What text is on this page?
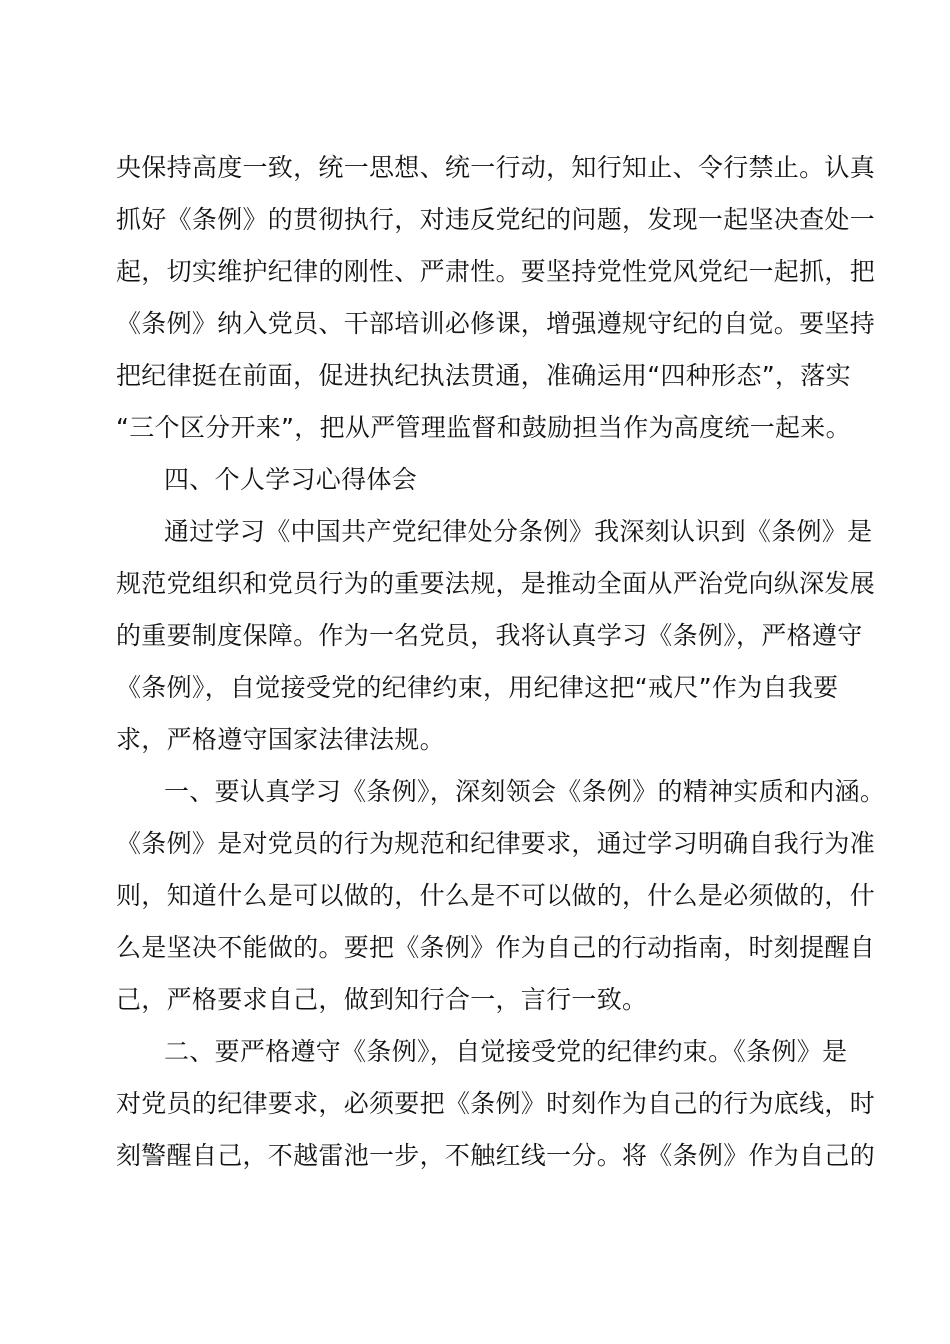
央保持高度一致，统一思想、统一行动，知行知止、令行禁止。认真
抓好《条例》的贯彻执行，对违反党纪的问题，发现一起坚决查处一
起，切实维护纪律的刚性、严肃性。要坚持党性党风党纪一起抓，把
《条例》纳入党员、干部培训必修课，增强遵规守纪的自觉。要坚持
把纪律挺在前面，促进执纪执法贯通，准确运用“四种形态”，落实
“三个区分开来”，把从严管理监督和鼓励担当作为高度统一起来。
四、个人学习心得体会
通过学习《中国共产党纪律处分条例》我深刻认识到《条例》是
规范党组织和党员行为的重要法规，是推动全面从严治党向纵深发展
的重要制度保障。作为一名党员，我将认真学习《条例》，严格遵守
《条例》，自觉接受党的纪律约束，用纪律这把“戒尺”作为自我要
求，严格遵守国家法律法规。
一、要认真学习《条例》，深刻领会《条例》的精神实质和内涵。
《条例》是对党员的行为规范和纪律要求，通过学习明确自我行为准
则，知道什么是可以做的，什么是不可以做的，什么是必须做的，什
么是坚决不能做的。要把《条例》作为自己的行动指南，时刻提醒自
己，严格要求自己，做到知行合一，言行一致。
二、要严格遵守《条例》，自觉接受党的纪律约束。《条例》是
对党员的纪律要求，必须要把《条例》时刻作为自己的行为底线，时
刻警醒自己，不越雷池一步，不触红线一分。将《条例》作为自己的
